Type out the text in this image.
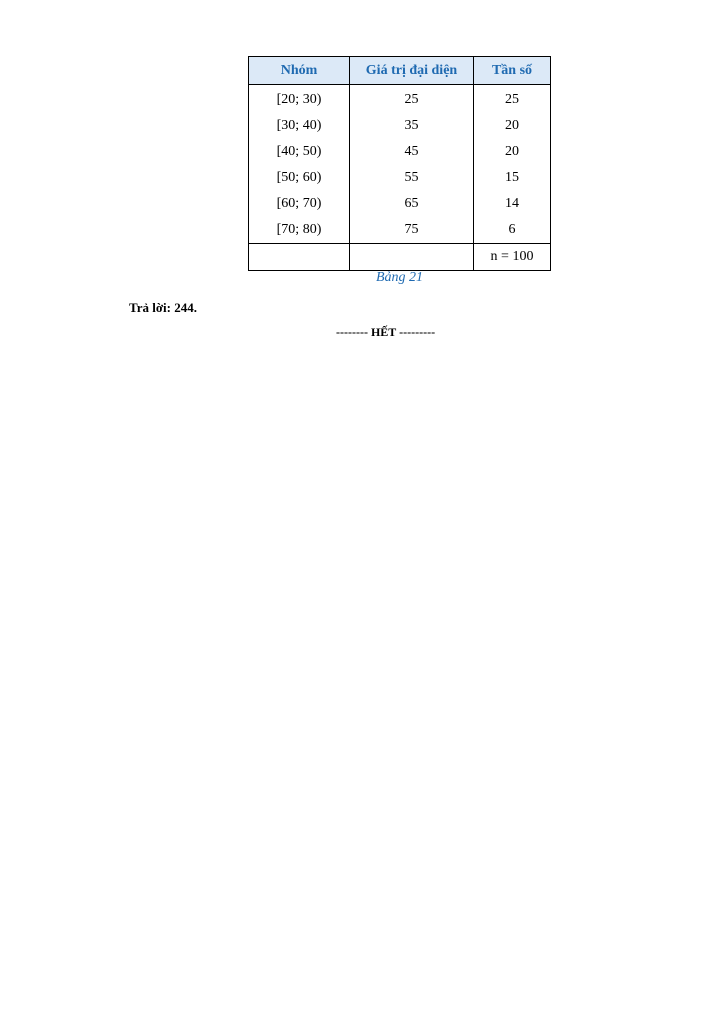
Nhóm	Giá trị đại diện	Tần số
[20; 30)	25	25
[30; 40)	35	20
[40; 50)	45	20
[50; 60)	55	15
[60; 70)	65	14
[70; 80)	75	6
		n = 100
Bảng 21
Trả lời: 244.
-------- HẾT ---------
